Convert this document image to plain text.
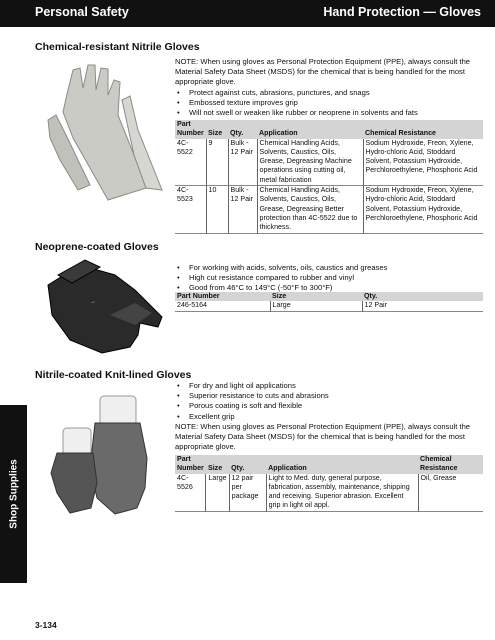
Personal Safety	Hand Protection — Gloves
Shop Supplies
Chemical-resistant Nitrile Gloves

NOTE: When using gloves as Personal Protection Equipment (PPE), always consult the Material Safety Data Sheet (MSDS) for the chemical that is being handled for the most appropriate glove.

• Protect against cuts, abrasions, punctures, and snags

• Embossed texture improves grip

• Will not swell or weaken like rubber or neoprene in solvents and fats

Part Number	Size	Qty.	Application	Chemical Resistance
4C-5522	9	Bulk - 12 Pair	Chemical Handling Acids, Solvents, Caustics, Oils, Grease, Degreasing Machine operations using cutting oil, metal fabrication	Sodium Hydroxide, Freon, Xylene, Hydro-chloric Acid, Stoddard Solvent, Potassium Hydroxide, Perchloroethylene, Phosphoric Acid
4C-5523	10	Bulk - 12 Pair	Chemical Handling Acids, Solvents, Caustics, Oils, Grease, Degreasing Better protection than 4C-5522 due to thickness.	Sodium Hydroxide, Freon, Xylene, Hydro-chloric Acid, Stoddard Solvent, Potassium Hydroxide, Perchloroethylene, Phosphoric Acid
Neoprene-coated Gloves
~

• For working with acids, solvents, oils, caustics and greases

• High cut resistance compared to rubber and vinyl

• Good from 46°C to 149°C (-50°F to 300°F)

Part Number	Size	Qty.
246-5164	Large	12 Pair
Nitrile-coated Knit-lined Gloves

• For dry and light oil applications

• Superior resistance to cuts and abrasions

• Porous coating is soft and flexible

• Excellent grip

NOTE: When using gloves as Personal Protection Equipment (PPE), always consult the Material Safety Data Sheet (MSDS) for the chemical that is being handled for the most appropriate glove.

Part Number	Size	Qty.	Application	Chemical Resistance
4C-5526	Large	12 pair per package	Light to Med. duty, general purpose, fabrication, assembly, maintenance, shipping and receiving. Superior abrasion. Excellent grip in light oil appl.	Oil, Grease
3-134
